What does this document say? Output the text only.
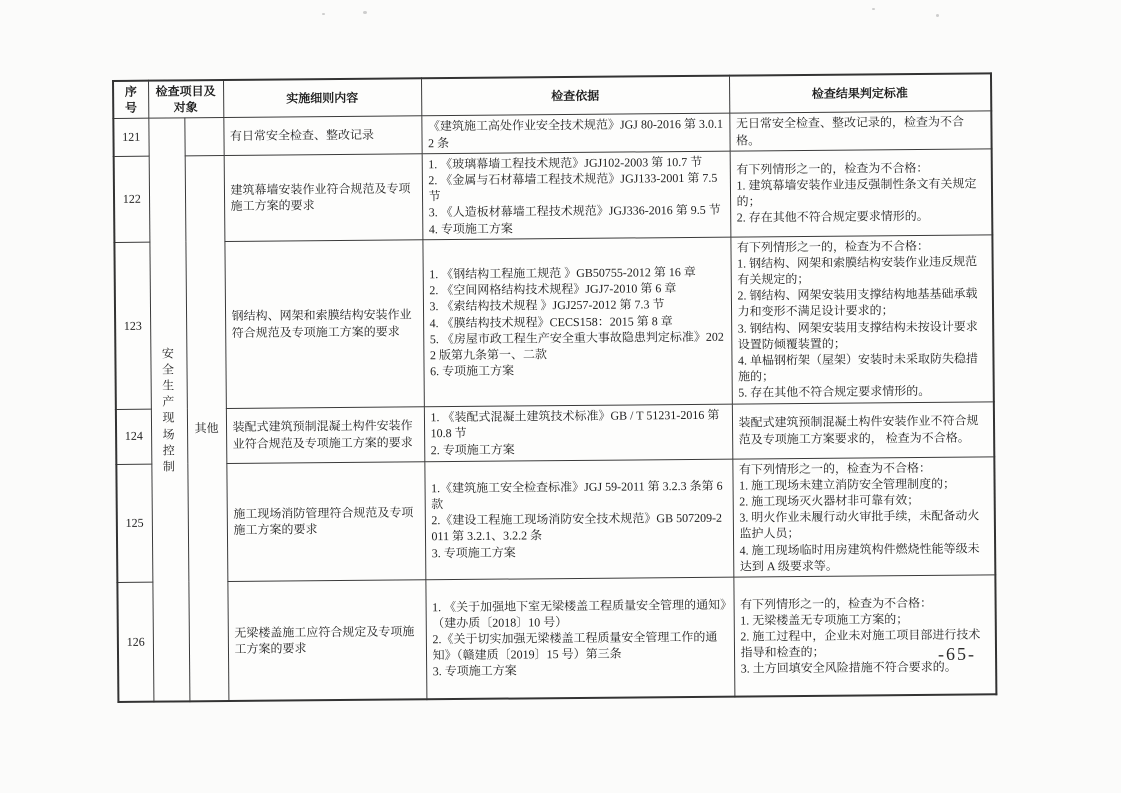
序号	检查项目及对象		实施细则内容	检查依据	检查结果判定标准
121	安全生产现场控制		有日常安全检查、整改记录	《建筑施工高处作业安全技术规范》JGJ 80-2016 第 3.0.12 条	无日常安全检查、整改记录的，检查为不合格。
122		其他	建筑幕墙安装作业符合规范及专项施工方案的要求	1. 《玻璃幕墙工程技术规范》JGJ102-2003 第 10.7 节
2. 《金属与石材幕墙工程技术规范》JGJ133-2001 第 7.5 节
3. 《人造板材幕墙工程技术规范》JGJ336-2016 第 9.5 节
4. 专项施工方案	有下列情形之一的，检查为不合格：
1. 建筑幕墙安装作业违反强制性条文有关规定的；
2. 存在其他不符合规定要求情形的。
123	钢结构、网架和索膜结构安装作业符合规范及专项施工方案的要求	1. 《钢结构工程施工规范 》GB50755-2012 第 16 章
2. 《空间网格结构技术规程》JGJ7-2010 第 6 章
3. 《索结构技术规程 》JGJ257-2012 第 7.3 节
4. 《膜结构技术规程》CECS158：2015 第 8 章
5. 《房屋市政工程生产安全重大事故隐患判定标准》2022 版第九条第一、二款
6. 专项施工方案	有下列情形之一的，检查为不合格：
1. 钢结构、网架和索膜结构安装作业违反规范有关规定的；
2. 钢结构、网架安装用支撑结构地基基础承载力和变形不满足设计要求的；
3. 钢结构、网架安装用支撑结构未按设计要求设置防倾覆装置的；
4. 单榀钢桁架（屋架）安装时未采取防失稳措施的；
5. 存在其他不符合规定要求情形的。
124			装配式建筑预制混凝土构件安装作业符合规范及专项施工方案的要求	1. 《装配式混凝土建筑技术标准》GB / T 51231-2016 第 10.8 节
2. 专项施工方案	装配式建筑预制混凝土构件安装作业不符合规范及专项施工方案要求的， 检查为不合格。
125			施工现场消防管理符合规范及专项施工方案的要求	1.《建筑施工安全检查标准》JGJ 59-2011 第 3.2.3 条第 6 款
2.《建设工程施工现场消防安全技术规范》GB 507209-2011 第 3.2.1、3.2.2 条
3. 专项施工方案	有下列情形之一的，检查为不合格：
1. 施工现场未建立消防安全管理制度的；
2. 施工现场灭火器材非可靠有效；
3. 明火作业未履行动火审批手续，未配备动火监护人员；
4. 施工现场临时用房建筑构件燃烧性能等级未达到 A 级要求等。
126			无梁楼盖施工应符合规定及专项施工方案的要求	1. 《关于加强地下室无梁楼盖工程质量安全管理的通知》（建办质〔2018〕10 号）
2.《关于切实加强无梁楼盖工程质量安全管理工作的通知》（赣建质〔2019〕15 号）第三条
3. 专项施工方案	有下列情形之一的，检查为不合格：
1. 无梁楼盖无专项施工方案的；
2. 施工过程中，企业未对施工项目部进行技术指导和检查的；
3. 土方回填安全风险措施不符合要求的。
-65-
